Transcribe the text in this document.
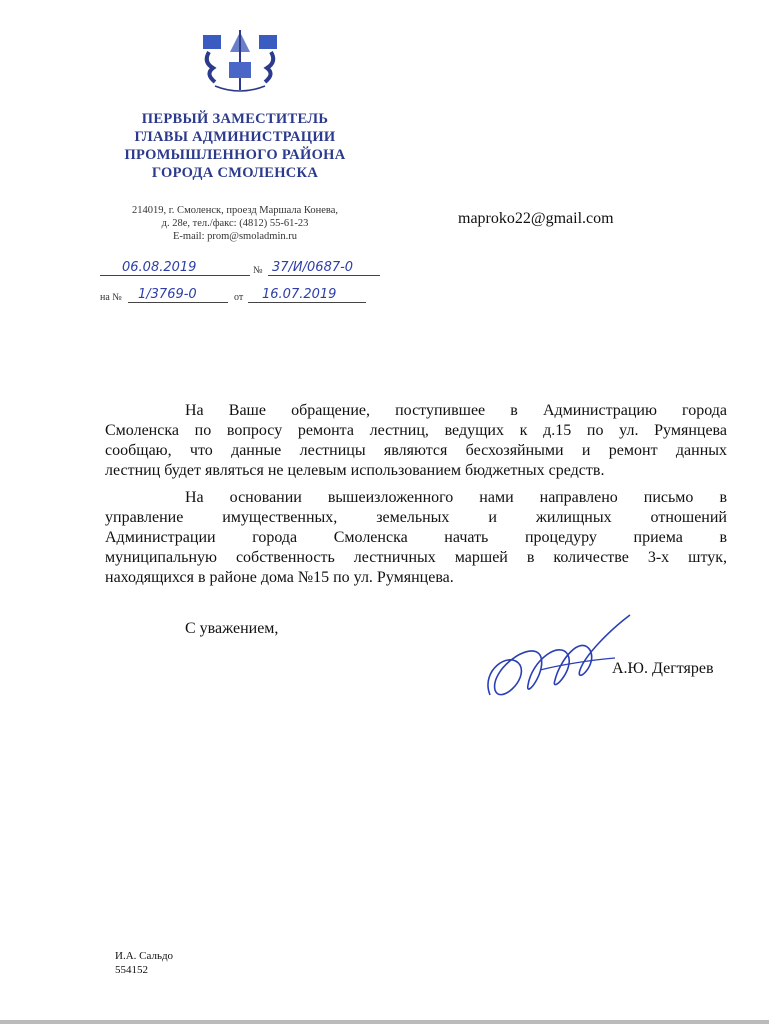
ПЕРВЫЙ ЗАМЕСТИТЕЛЬ
ГЛАВЫ АДМИНИСТРАЦИИ
ПРОМЫШЛЕННОГО РАЙОНА
ГОРОДА СМОЛЕНСКА
214019, г. Смоленск, проезд Маршала Конева,
д. 28е, тел./факс: (4812) 55-61-23
E-mail: prom@smoladmin.ru
maproko22@gmail.com
06.08.2019	№ 37/И/0687-0
на № 1/3769-0	от 16.07.2019
На Ваше обращение, поступившее в Администрацию города
Смоленска по вопросу ремонта лестниц, ведущих к д.15 по ул. Румянцева
сообщаю, что данные лестницы являются бесхозяйными и ремонт данных
лестниц будет являться не целевым использованием бюджетных средств.
На основании вышеизложенного нами направлено письмо в
управление имущественных, земельных и жилищных отношений
Администрации города Смоленска начать процедуру приема в
муниципальную собственность лестничных маршей в количестве 3-х штук,
находящихся в районе дома №15 по ул. Румянцева.
С уважением,
А.Ю. Дегтярев
И.А. Сальдо
554152
